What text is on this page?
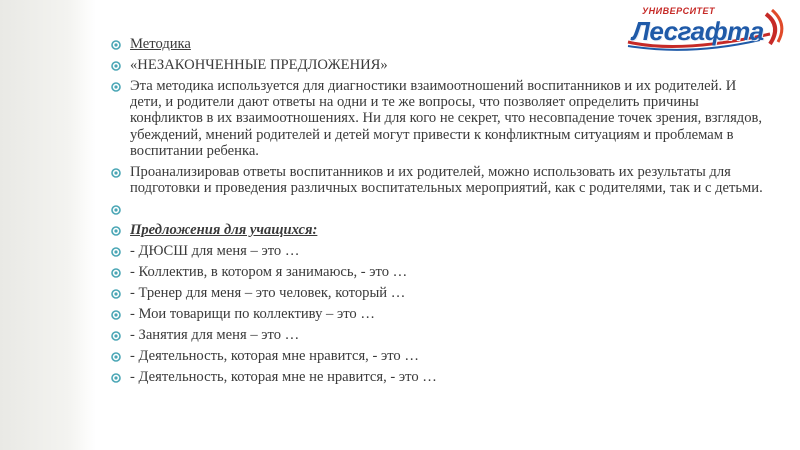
УНИВЕРСИТЕТ
Лесгафта

Методика

«НЕЗАКОНЧЕННЫЕ ПРЕДЛОЖЕНИЯ»

Эта методика используется для диагностики взаимоотношений воспитанников и их родителей. И дети, и родители дают ответы на одни и те же вопросы, что позволяет определить причины конфликтов в их взаимоотношениях. Ни для кого не секрет, что несовпадение точек зрения, взглядов, убеждений, мнений родителей и детей могут привести к конфликтным ситуациям и проблемам в воспитании ребенка.

Проанализировав ответы воспитанников и их родителей, можно использовать их результаты для подготовки и проведения различных воспитательных мероприятий, как с родителями, так и с детьми.

Предложения для учащихся:

- ДЮСШ для меня – это …

- Коллектив, в котором я занимаюсь, - это …

- Тренер для меня – это человек, который …

- Мои товарищи по коллективу – это …

- Занятия для меня – это …

- Деятельность, которая мне нравится, - это …

- Деятельность, которая мне не нравится, - это …
